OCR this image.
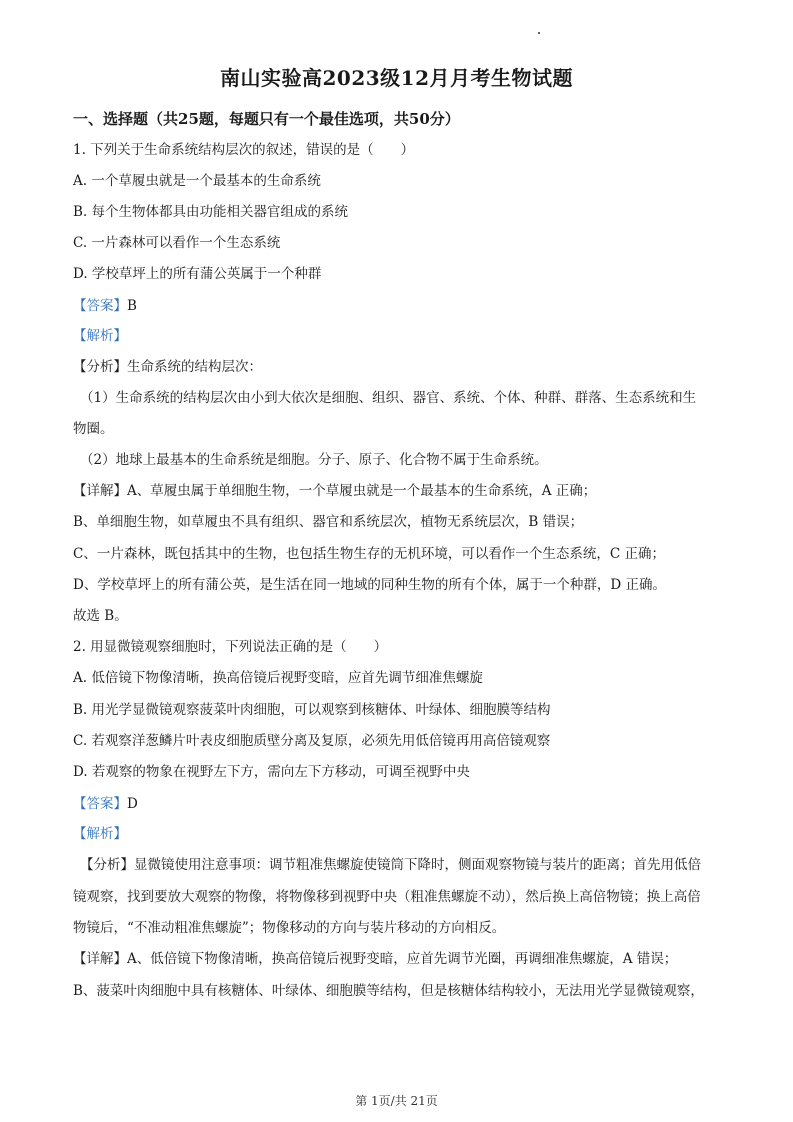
南山实验高2023级12月月考生物试题
一、选择题（共25题，每题只有一个最佳选项，共50分）
1. 下列关于生命系统结构层次的叙述，错误的是（　　）
A. 一个草履虫就是一个最基本的生命系统
B. 每个生物体都具由功能相关器官组成的系统
C. 一片森林可以看作一个生态系统
D. 学校草坪上的所有蒲公英属于一个种群
【答案】B
【解析】
【分析】生命系统的结构层次：
（1）生命系统的结构层次由小到大依次是细胞、组织、器官、系统、个体、种群、群落、生态系统和生
物圈。
（2）地球上最基本的生命系统是细胞。分子、原子、化合物不属于生命系统。
【详解】A、草履虫属于单细胞生物，一个草履虫就是一个最基本的生命系统，A 正确；
B、单细胞生物，如草履虫不具有组织、器官和系统层次，植物无系统层次，B 错误；
C、一片森林，既包括其中的生物，也包括生物生存的无机环境，可以看作一个生态系统，C 正确；
D、学校草坪上的所有蒲公英，是生活在同一地域的同种生物的所有个体，属于一个种群，D 正确。
故选 B。
2. 用显微镜观察细胞时，下列说法正确的是（　　）
A. 低倍镜下物像清晰，换高倍镜后视野变暗，应首先调节细准焦螺旋
B. 用光学显微镜观察菠菜叶肉细胞，可以观察到核糖体、叶绿体、细胞膜等结构
C. 若观察洋葱鳞片叶表皮细胞质壁分离及复原，必须先用低倍镜再用高倍镜观察
D. 若观察的物象在视野左下方，需向左下方移动，可调至视野中央
【答案】D
【解析】
【分析】显微镜使用注意事项：调节粗准焦螺旋使镜筒下降时，侧面观察物镜与装片的距离；首先用低倍
镜观察，找到要放大观察的物像，将物像移到视野中央（粗准焦螺旋不动），然后换上高倍物镜；换上高倍
物镜后，“不准动粗准焦螺旋”；物像移动的方向与装片移动的方向相反。
【详解】A、低倍镜下物像清晰，换高倍镜后视野变暗，应首先调节光圈，再调细准焦螺旋，A 错误；
B、菠菜叶肉细胞中具有核糖体、叶绿体、细胞膜等结构，但是核糖体结构较小，无法用光学显微镜观察，
第 1页/共 21页
